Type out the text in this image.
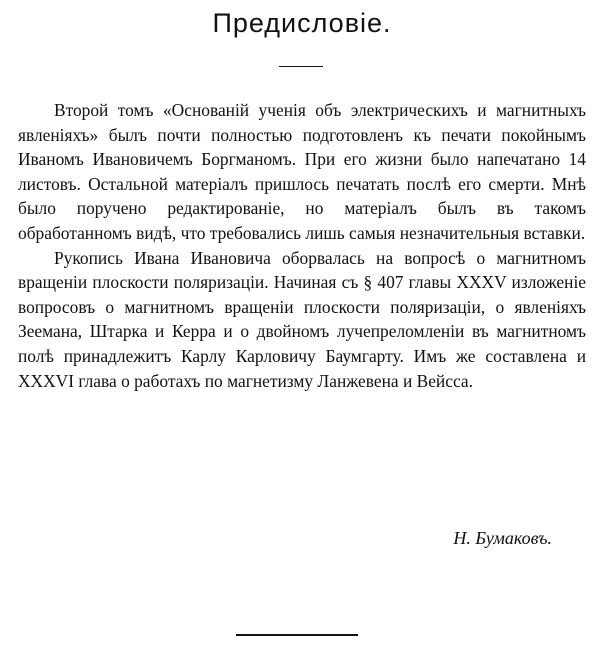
Предисловіе.

Второй томъ «Основаній ученія объ электрическихъ и магнитныхъ явленіяхъ» былъ почти полностью подготовленъ къ печати покойнымъ Иваномъ Ивановичемъ Боргманомъ. При его жизни было напечатано 14 листовъ. Остальной матеріалъ пришлось печатать послѣ его смерти. Мнѣ было поручено редактированіе, но матеріалъ былъ въ такомъ обработанномъ видѣ, что требовались лишь самыя незначительныя вставки.

Рукопись Ивана Ивановича оборвалась на вопросѣ о магнитномъ вращеніи плоскости поляризаціи. Начиная съ § 407 главы XXXV изложеніе вопросовъ о магнитномъ вращеніи плоскости поляризаціи, о явленіяхъ Зеемана, Штарка и Керра и о двойномъ лучепреломленіи въ магнитномъ полѣ принадлежитъ Карлу Карловичу Баумгарту. Имъ же составлена и XXXVI глава о работахъ по магнетизму Ланжевена и Вейсса.

Н. Бумаковъ.
